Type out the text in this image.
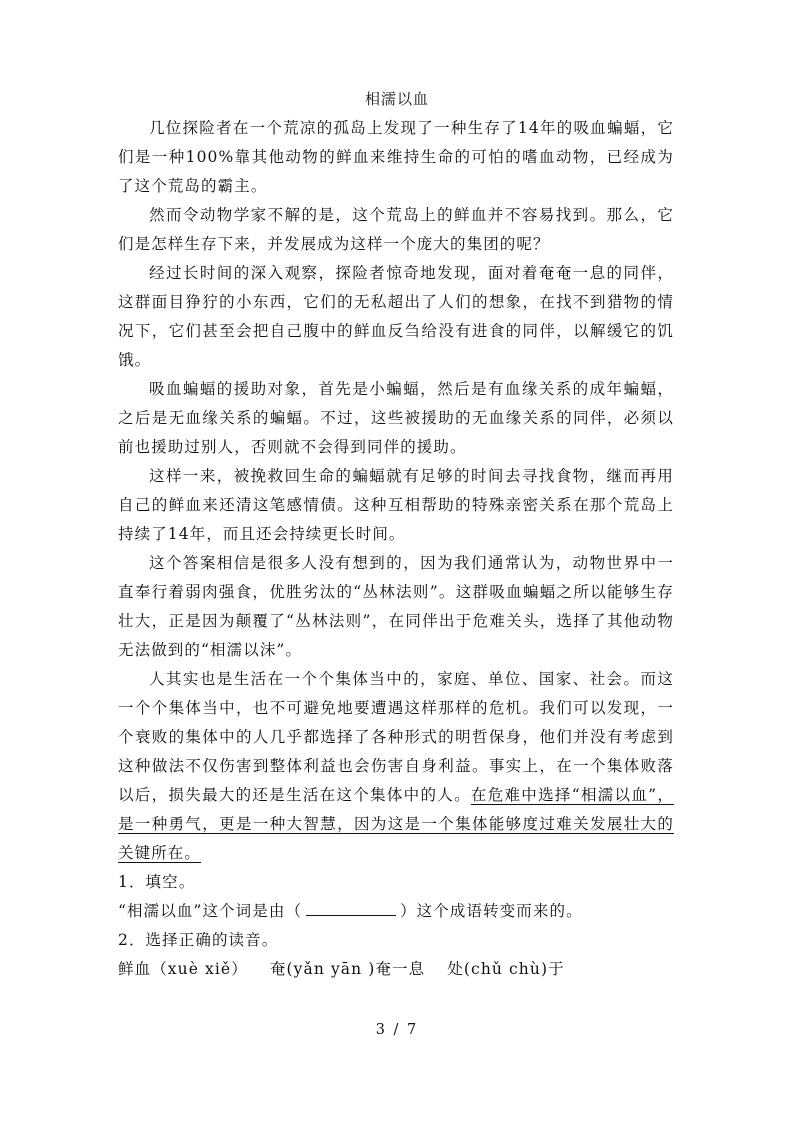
相濡以血

几位探险者在一个荒凉的孤岛上发现了一种生存了14年的吸血蝙蝠，它们是一种100%靠其他动物的鲜血来维持生命的可怕的嗜血动物，已经成为了这个荒岛的霸主。

然而令动物学家不解的是，这个荒岛上的鲜血并不容易找到。那么，它们是怎样生存下来，并发展成为这样一个庞大的集团的呢？

经过长时间的深入观察，探险者惊奇地发现，面对着奄奄一息的同伴，这群面目狰狞的小东西，它们的无私超出了人们的想象，在找不到猎物的情况下，它们甚至会把自己腹中的鲜血反刍给没有进食的同伴，以解缓它的饥饿。

吸血蝙蝠的援助对象，首先是小蝙蝠，然后是有血缘关系的成年蝙蝠，之后是无血缘关系的蝙蝠。不过，这些被援助的无血缘关系的同伴，必须以前也援助过别人，否则就不会得到同伴的援助。

这样一来，被挽救回生命的蝙蝠就有足够的时间去寻找食物，继而再用自己的鲜血来还清这笔感情债。这种互相帮助的特殊亲密关系在那个荒岛上持续了14年，而且还会持续更长时间。

这个答案相信是很多人没有想到的，因为我们通常认为，动物世界中一直奉行着弱肉强食，优胜劣汰的“丛林法则”。这群吸血蝙蝠之所以能够生存壮大，正是因为颠覆了“丛林法则”，在同伴出于危难关头，选择了其他动物无法做到的“相濡以沫”。

人其实也是生活在一个个集体当中的，家庭、单位、国家、社会。而这一个个集体当中，也不可避免地要遭遇这样那样的危机。我们可以发现，一个衰败的集体中的人几乎都选择了各种形式的明哲保身，他们并没有考虑到这种做法不仅伤害到整体利益也会伤害自身利益。事实上，在一个集体败落以后，损失最大的还是生活在这个集体中的人。在危难中选择“相濡以血”，是一种勇气，更是一种大智慧，因为这是一个集体能够度过难关发展壮大的关键所在。

1．填空。

“相濡以血”这个词是由（	）这个成语转变而来的。

2．选择正确的读音。

鲜血（xuè xiě） 奄(yǎn yān )奄一息 处(chǔ chù)于

3 / 7
